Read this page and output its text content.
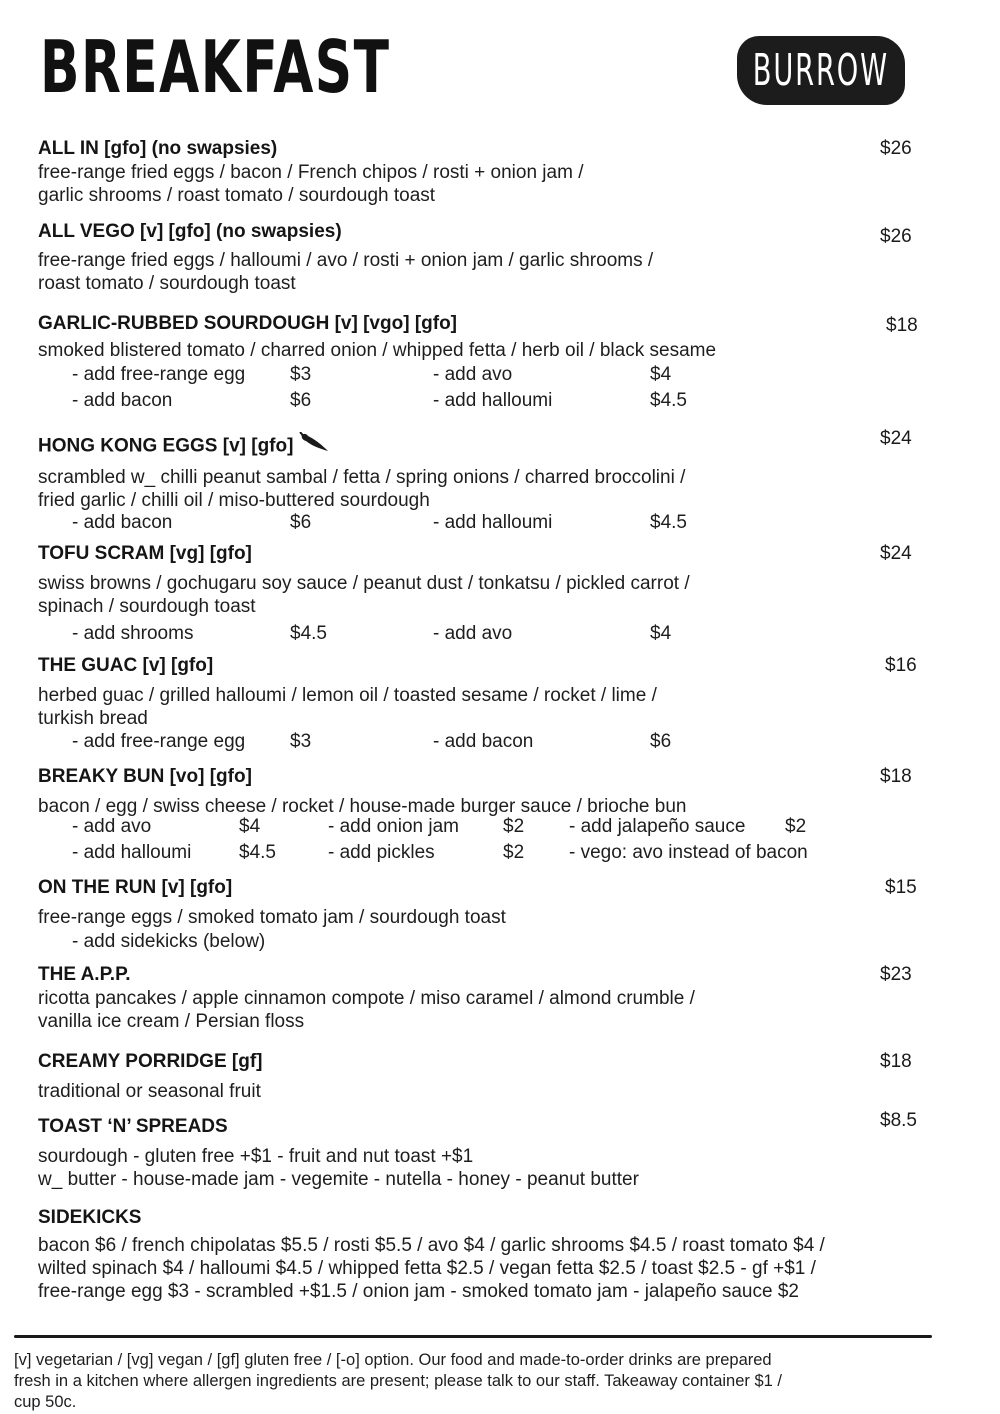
BREAKFAST	BURROW
ALL IN [gfo] (no swapsies)	$26
free-range fried eggs / bacon / French chipos / rosti + onion jam /
garlic shrooms / roast tomato / sourdough toast
ALL VEGO [v] [gfo] (no swapsies)	$26
free-range fried eggs / halloumi / avo / rosti + onion jam / garlic shrooms /
roast tomato / sourdough toast
GARLIC-RUBBED SOURDOUGH [v] [vgo] [gfo]	$18
smoked blistered tomato / charred onion / whipped fetta / herb oil / black sesame
- add free-range egg $3	- add avo	$4
- add bacon	$6	- add halloumi	$4.5
HONG KONG EGGS [v] [gfo]	$24
scrambled w_ chilli peanut sambal / fetta / spring onions / charred broccolini /
fried garlic / chilli oil / miso-buttered sourdough
- add bacon	$6	- add halloumi	$4.5
TOFU SCRAM [vg] [gfo]	$24
swiss browns / gochugaru soy sauce / peanut dust / tonkatsu / pickled carrot /
spinach / sourdough toast
- add shrooms	$4.5	- add avo	$4
THE GUAC [v] [gfo]	$16
herbed guac / grilled halloumi / lemon oil / toasted sesame / rocket / lime /
turkish bread
- add free-range egg $3	- add bacon	$6
BREAKY BUN [vo] [gfo]	$18
bacon / egg / swiss cheese / rocket / house-made burger sauce / brioche bun
- add avo	$4	- add onion jam $2 - add jalapeño sauce $2
- add halloumi	$4.5	- add pickles	$2 - vego: avo instead of bacon
ON THE RUN [v] [gfo]	$15
free-range eggs / smoked tomato jam / sourdough toast
- add sidekicks (below)
THE A.P.P.	$23
ricotta pancakes / apple cinnamon compote / miso caramel / almond crumble /
vanilla ice cream / Persian floss
CREAMY PORRIDGE [gf]	$18
traditional or seasonal fruit
TOAST ‘N’ SPREADS	$8.5
sourdough - gluten free +$1 - fruit and nut toast +$1
w_ butter - house-made jam - vegemite - nutella - honey - peanut butter
SIDEKICKS
bacon $6 / french chipolatas $5.5 / rosti $5.5 / avo $4 / garlic shrooms $4.5 / roast tomato $4 /
wilted spinach $4 / halloumi $4.5 / whipped fetta $2.5 / vegan fetta $2.5 / toast $2.5 - gf +$1 /
free-range egg $3 - scrambled +$1.5 / onion jam - smoked tomato jam - jalapeño sauce $2
[v] vegetarian / [vg] vegan / [gf] gluten free / [-o] option. Our food and made-to-order drinks are prepared
fresh in a kitchen where allergen ingredients are present; please talk to our staff. Takeaway container $1 /
cup 50c.
